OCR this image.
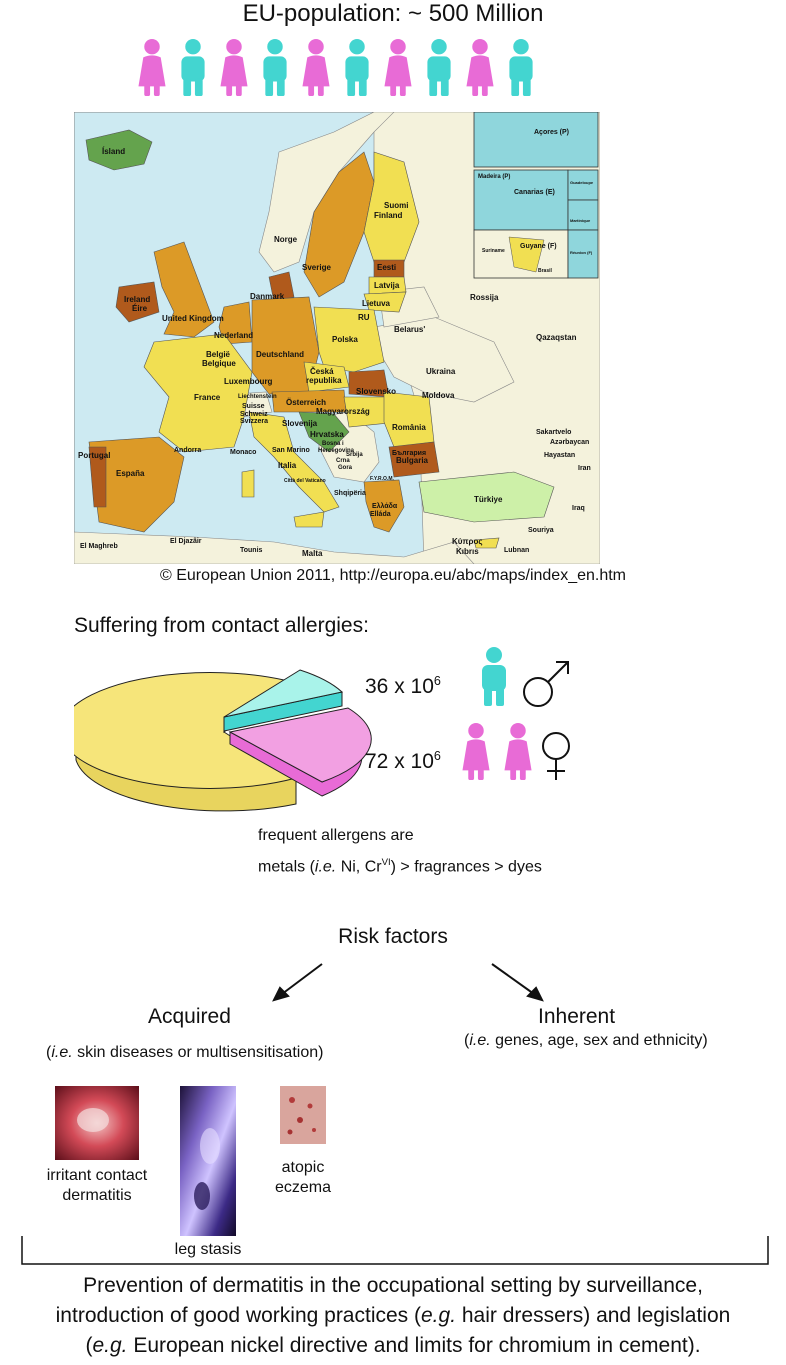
EU-population: ~ 500 Million
Ísland
Norge
Sverige
Suomi
Finland
Eesti
Latvija
Lietuva
RU
Rossija
Ireland
Éire
United Kingdom
Danmark
Nederland
België
Belgique
Deutschland
Polska
Belarus'
Ukraina
Qazaqstan
Luxembourg
Česká
republika
France	Liechtenstein
Suisse
Schweiz
Svizzera
Österreich
Slovensko	Moldova
Magyarország
Slovenija
Hrvatska
Bosna i
Hercegovina
Srbija
România
България
Bulgaria
Portugal
España
Andorra	Monaco San Marino
Italia
Città del Vaticano
Crna
Gora
F.Y.R.O.M.
Shqipëria
Ελλάδα
Elláda
Türkiye
Sakartvelo
Azərbaycan
Hayastan
Iran
Iraq
Souriya
El Maghreb
El Djazâir
Tounis	Malta
Κύπρος
Kıbrıs	Lubnan
Açores (P)
Madeira (P)
Canarias (E)
Guadeloupe
Martinique
Guyane (F)
Suriname
Brasil
Réunion (F)
© European Union 2011, http://europa.eu/abc/maps/index_en.htm
Suffering from contact allergies:
36 x $10^6$
72 x $10^6$
frequent allergens are
metals (i.e. Ni, $Cr^{VI}$) > fragrances > dyes
Risk factors
Acquired
(i.e. skin diseases or multisensitisation)
Inherent
(i.e. genes, age, sex and ethnicity)
irritant contact
dermatitis
leg stasis
atopic
eczema
Prevention of dermatitis in the occupational setting by surveillance,
introduction of good working practices (e.g. hair dressers) and legislation
(e.g. European nickel directive and limits for chromium in cement).
